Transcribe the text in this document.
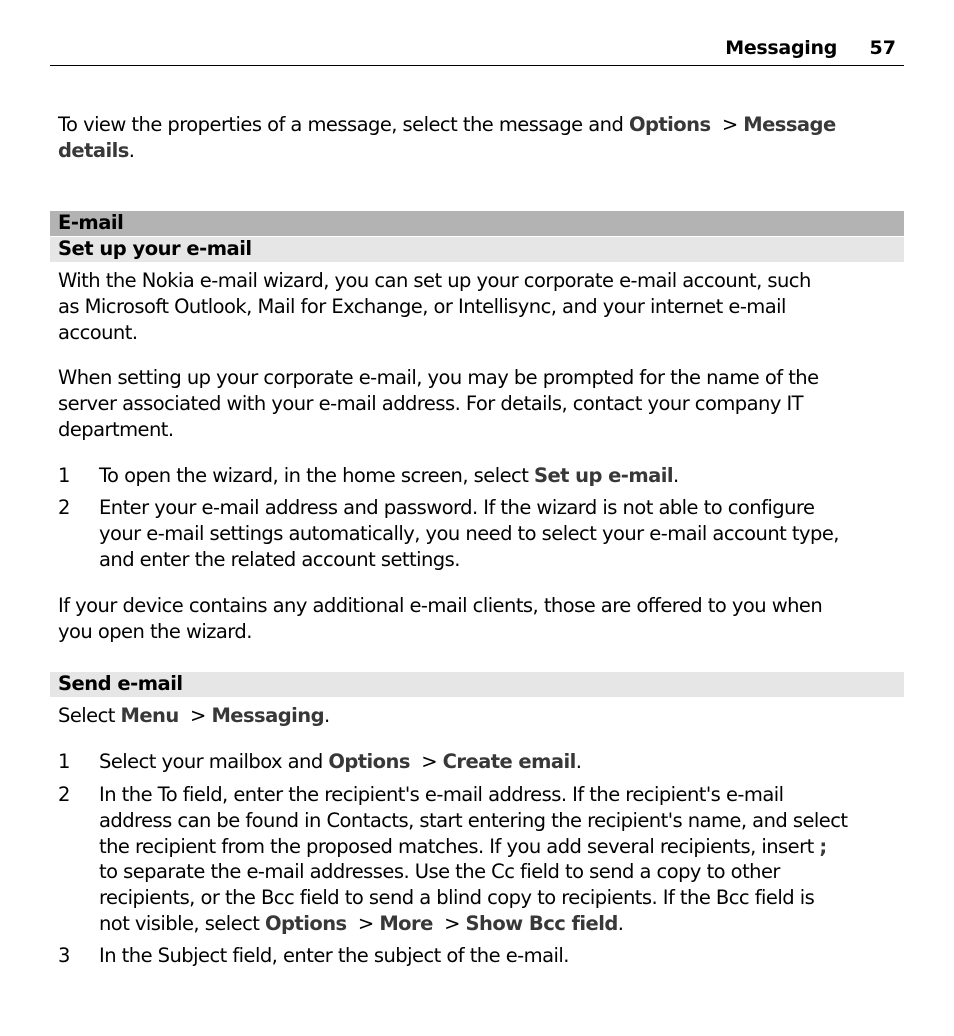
Messaging 57
To view the properties of a message, select the message and Options  > Message
details.
E-mail
Set up your e-mail
With the Nokia e-mail wizard, you can set up your corporate e-mail account, such
as Microsoft Outlook, Mail for Exchange, or Intellisync, and your internet e-mail
account.
When setting up your corporate e-mail, you may be prompted for the name of the
server associated with your e-mail address. For details, contact your company IT
department.
1 To open the wizard, in the home screen, select Set up e-mail.
2 Enter your e-mail address and password. If the wizard is not able to configure
your e-mail settings automatically, you need to select your e-mail account type,
and enter the related account settings.
If your device contains any additional e-mail clients, those are offered to you when
you open the wizard.
Send e-mail
Select Menu  > Messaging.
1 Select your mailbox and Options  > Create email.
2 In the To field, enter the recipient's e-mail address. If the recipient's e-mail
address can be found in Contacts, start entering the recipient's name, and select
the recipient from the proposed matches. If you add several recipients, insert ;
to separate the e-mail addresses. Use the Cc field to send a copy to other
recipients, or the Bcc field to send a blind copy to recipients. If the Bcc field is
not visible, select Options  > More  > Show Bcc field.
3 In the Subject field, enter the subject of the e-mail.
